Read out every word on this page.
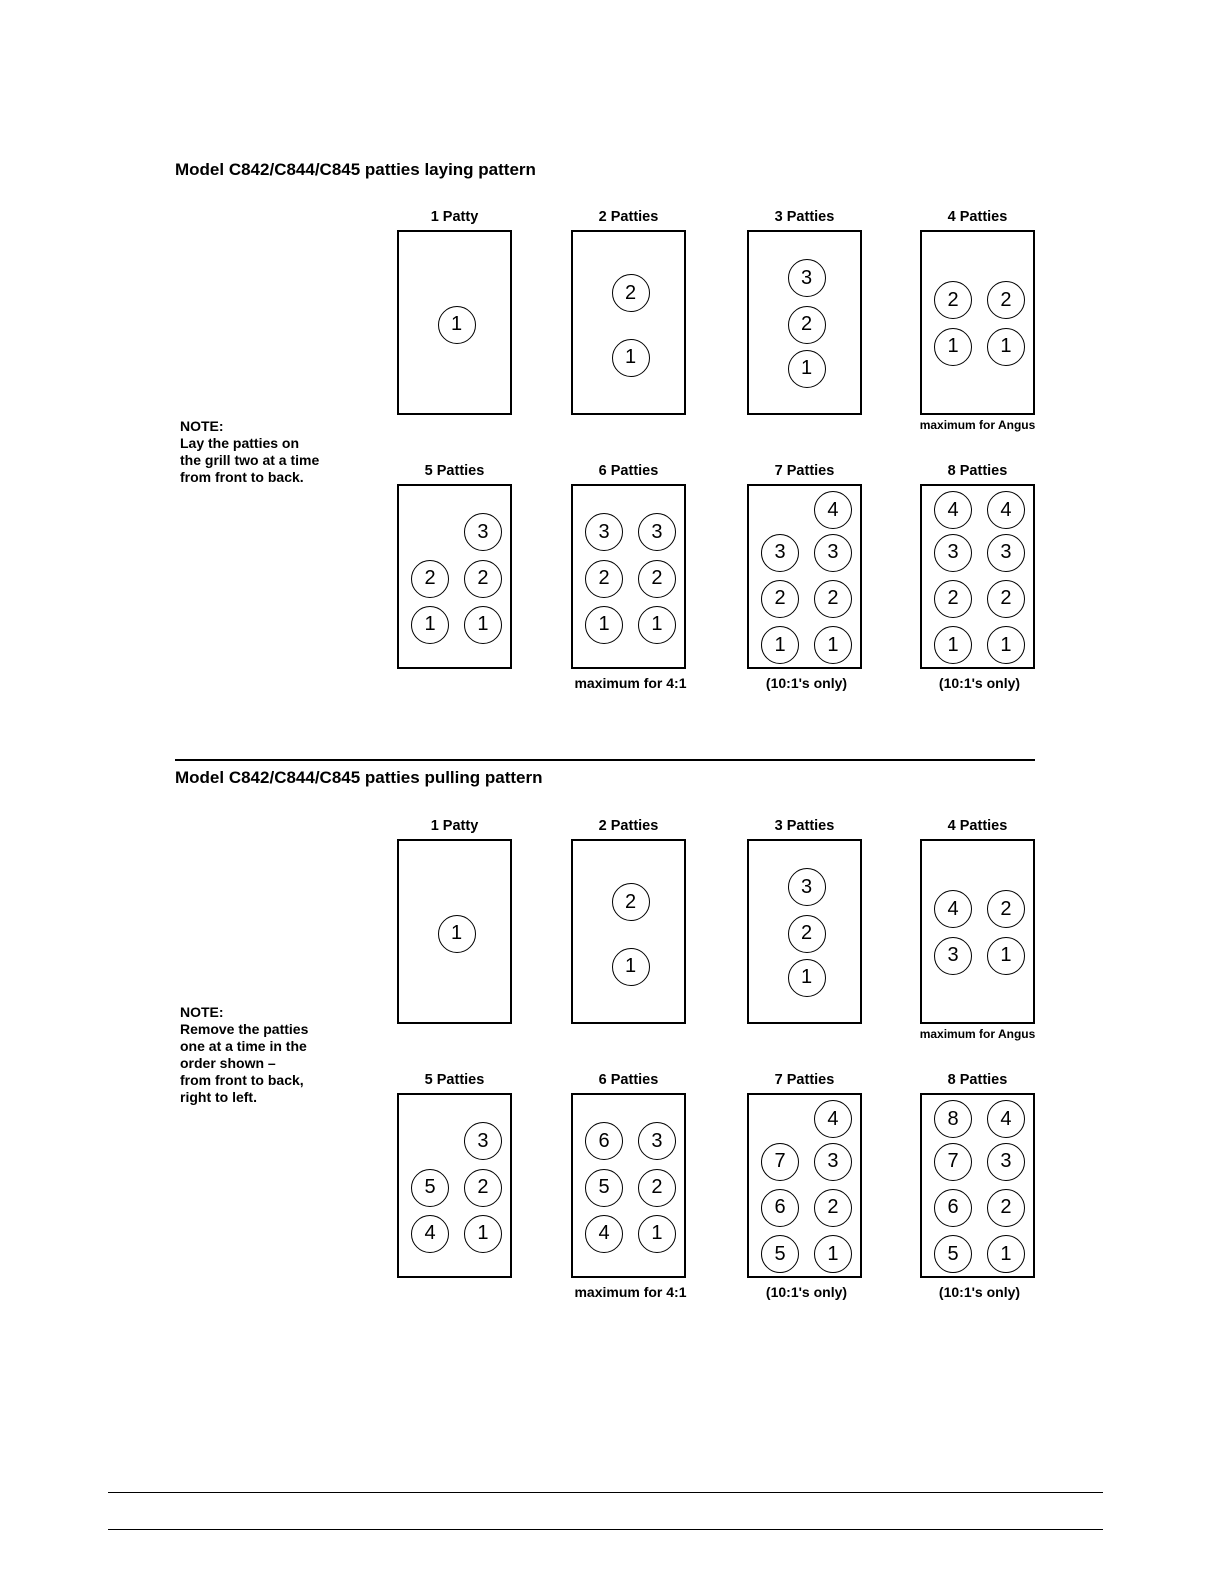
Model C842/C844/C845 patties laying pattern
NOTE:
Lay the patties on
the grill two at a time
from front to back.
Model C842/C844/C845 patties pulling pattern
NOTE:
Remove the patties
one at a time in the
order shown –
from front to back,
right to left.
1 Patty
1
2 Patties
2
1
3 Patties
3
2
1
4 Patties
2	2
1	1
maximum for Angus
5 Patties
3
2	2
1	1
6 Patties
3	3
2	2
1	1
maximum for 4:1
7 Patties
4
3	3
2	2
1	1
(10:1's only)
8 Patties
4	4
3	3
2	2
1	1
(10:1's only)
1 Patty
1
2 Patties
2
1
3 Patties
3
2
1
4 Patties
4	2
3	1
maximum for Angus
5 Patties
3
5	2
4	1
6 Patties
6	3
5	2
4	1
maximum for 4:1
7 Patties
4
7	3
6	2
5	1
(10:1's only)
8 Patties
8	4
7	3
6	2
5	1
(10:1's only)
